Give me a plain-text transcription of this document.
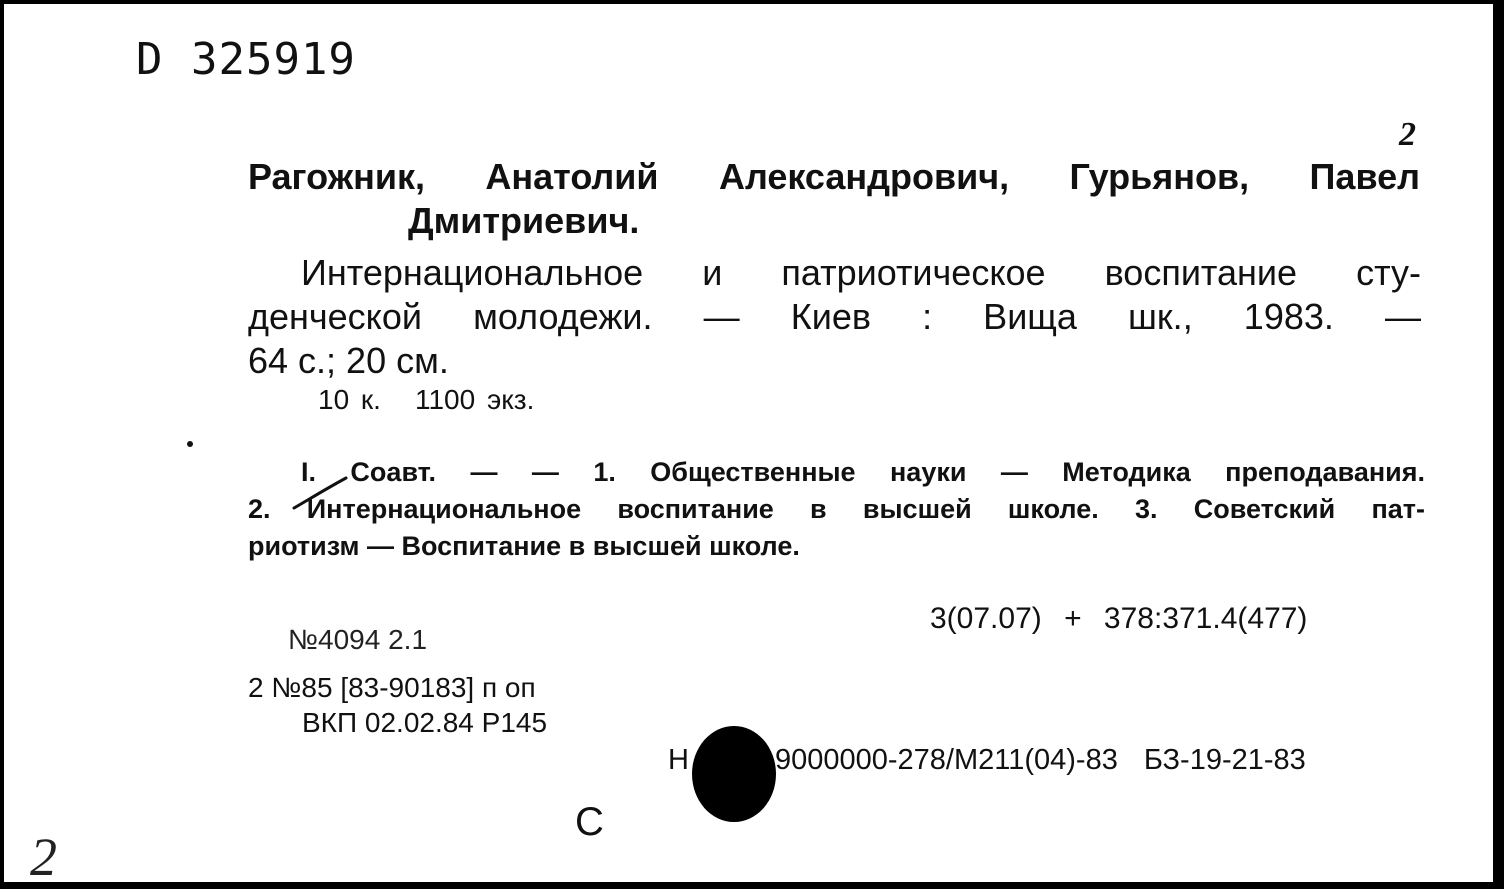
D 325919
2
Рагожник, Анатолий Александрович, Гурьянов, Павел
Дмитриевич.
Интернациональное и патриотическое воспитание сту-
денческой молодежи. — Киев : Вища шк., 1983. —
64 с.; 20 см.
10 к. 1100 экз.
I. Соавт. — — 1. Общественные науки — Методика преподавания.
2. Интернациональное воспитание в высшей школе. 3. Советский пат-
риотизм — Воспитание в высшей школе.
3(07.07) + 378:371.4(477)
№4094 2.1
2 №85 [83-90183] п оп
ВКП 02.02.84 Р145
Н	9000000-278/М211(04)-83 БЗ-19-21-83
С
2
